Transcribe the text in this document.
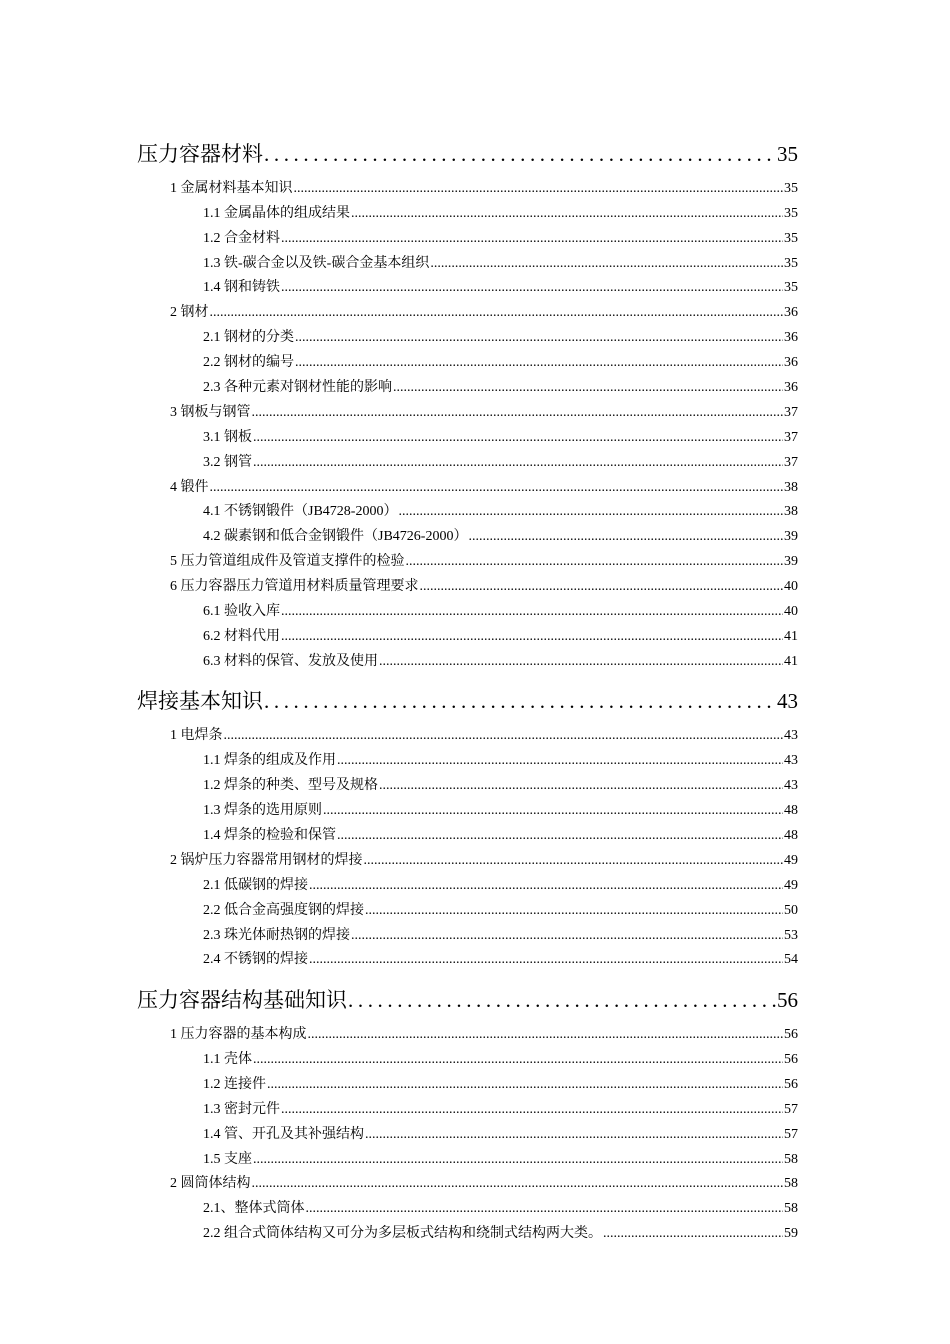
压力容器材料 .....	35
1 金属材料基本知识 .....	35
1.1 金属晶体的组成结果 .....	35
1.2 合金材料 .....	35
1.3 铁-碳合金以及铁-碳合金基本组织 .....	35
1.4 钢和铸铁 .....	35
2 钢材 .....	36
2.1 钢材的分类 .....	36
2.2 钢材的编号 .....	36
2.3 各种元素对钢材性能的影响 .....	36
3 钢板与钢管 .....	37
3.1 钢板 .....	37
3.2 钢管 .....	37
4 锻件 .....	38
4.1 不锈钢锻件（JB4728-2000） .....	38
4.2 碳素钢和低合金钢锻件（JB4726-2000） .....	39
5 压力管道组成件及管道支撑件的检验 .....	39
6 压力容器压力管道用材料质量管理要求 .....	40
6.1 验收入库 .....	40
6.2 材料代用 .....	41
6.3 材料的保管、发放及使用 .....	41
焊接基本知识 .....	43
1 电焊条 .....	43
1.1 焊条的组成及作用 .....	43
1.2 焊条的种类、型号及规格 .....	43
1.3 焊条的选用原则 .....	48
1.4 焊条的检验和保管 .....	48
2 锅炉压力容器常用钢材的焊接 .....	49
2.1 低碳钢的焊接 .....	49
2.2 低合金高强度钢的焊接 .....	50
2.3 珠光体耐热钢的焊接 .....	53
2.4 不锈钢的焊接 .....	54
压力容器结构基础知识 .....	56
1 压力容器的基本构成 .....	56
1.1 壳体 .....	56
1.2 连接件 .....	56
1.3 密封元件 .....	57
1.4 管、开孔及其补强结构 .....	57
1.5 支座 .....	58
2 圆筒体结构 .....	58
2.1、整体式筒体 .....	58
2.2 组合式筒体结构又可分为多层板式结构和绕制式结构两大类。 .....	59
